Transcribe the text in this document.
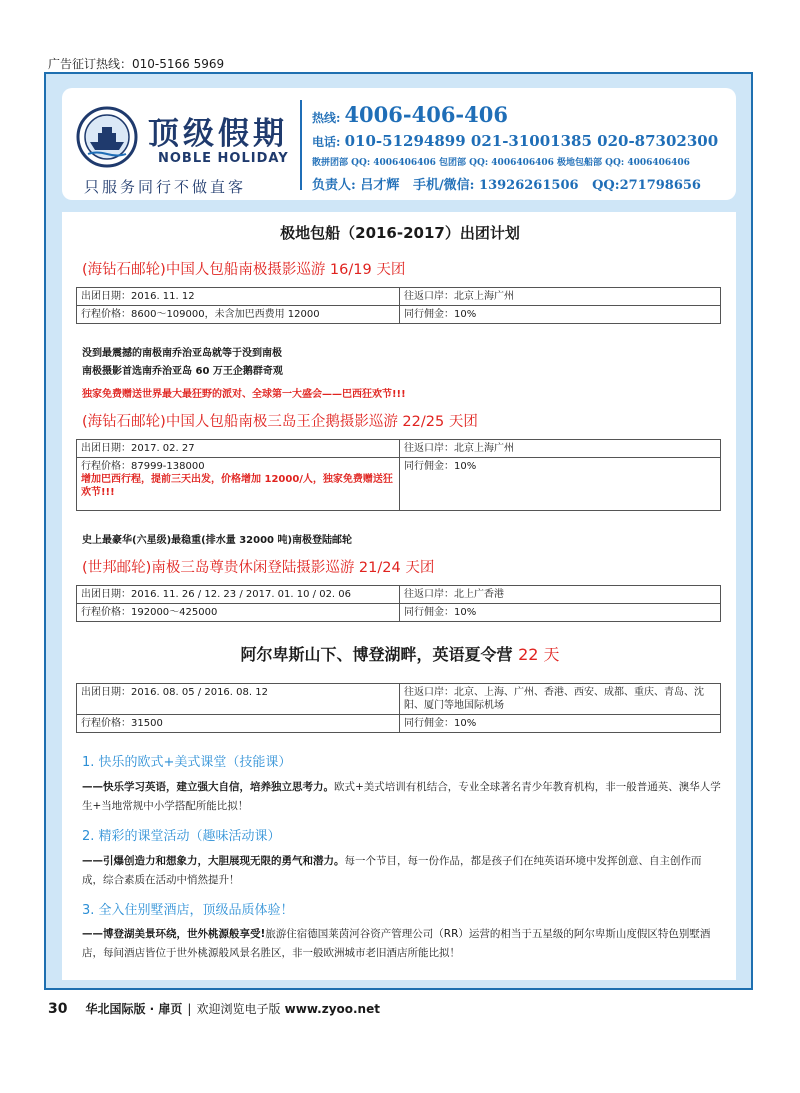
广告征订热线：010-5166 5969
顶级假期
NOBLE HOLIDAY
只服务同行不做直客
热线: 4006-406-406
电话: 010-51294899 021-31001385 020-87302300
散拼团部 QQ: 4006406406 包团部 QQ: 4006406406 极地包船部 QQ: 4006406406
负责人: 吕才辉 手机/微信: 13926261506 QQ:271798656
极地包船（2016-2017）出团计划
(海钻石邮轮)中国人包船南极摄影巡游 16/19 天团
出团日期：2016. 11. 12	往返口岸：北京上海广州
行程价格：8600～109000，未含加巴西费用 12000	同行佣金：10%
没到最震撼的南极南乔治亚岛就等于没到南极
南极摄影首选南乔治亚岛 60 万王企鹅群奇观
独家免费赠送世界最大最狂野的派对、全球第一大盛会——巴西狂欢节!!!
(海钻石邮轮)中国人包船南极三岛王企鹅摄影巡游 22/25 天团
出团日期：2017. 02. 27	往返口岸：北京上海广州

行程价格：87999-138000
增加巴西行程，提前三天出发，价格增加 12000/人，独家免费赠送狂欢节!!!	同行佣金：10%
史上最豪华(六星级)最稳重(排水量 32000 吨)南极登陆邮轮
(世邦邮轮)南极三岛尊贵休闲登陆摄影巡游 21/24 天团
出团日期：2016. 11. 26 / 12. 23 / 2017. 01. 10 / 02. 06	往返口岸：北上广香港
行程价格：192000～425000	同行佣金：10%
阿尔卑斯山下、博登湖畔，英语夏令营 22 天
出团日期：2016. 08. 05 / 2016. 08. 12	往返口岸：北京、上海、广州、香港、西安、成都、重庆、青岛、沈阳、厦门等地国际机场
行程价格：31500	同行佣金：10%
1. 快乐的欧式+美式课堂（技能课）
——快乐学习英语，建立强大自信，培养独立思考力。欧式+美式培训有机结合，专业全球著名青少年教育机构，非一般普通英、澳华人学生+当地常规中小学搭配所能比拟！
2. 精彩的课堂活动（趣味活动课）
——引爆创造力和想象力，大胆展现无限的勇气和潜力。每一个节目，每一份作品，都是孩子们在纯英语环境中发挥创意、自主创作而成，综合素质在活动中悄然提升！
3. 全入住别墅酒店，顶级品质体验！
——博登湖美景环绕，世外桃源般享受!旅游住宿德国莱茵河谷资产管理公司（RR）运营的相当于五星级的阿尔卑斯山度假区特色别墅酒店，每间酒店皆位于世外桃源般风景名胜区，非一般欧洲城市老旧酒店所能比拟！
30 华北国际版 · 扉页 | 欢迎浏览电子版 www.zyoo.net
